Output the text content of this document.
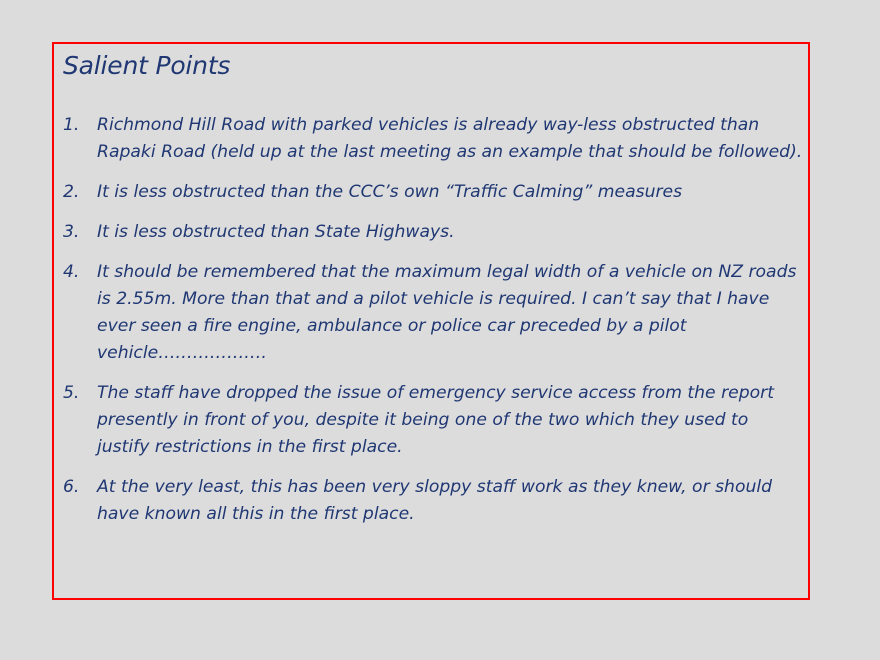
Salient Points
1. Richmond Hill Road with parked vehicles is already way-less obstructed than Rapaki Road (held up at the last meeting as an example that should be followed).
2. It is less obstructed than the CCC’s own “Traffic Calming” measures
3. It is less obstructed than State Highways.
4. It should be remembered that the maximum legal width of a vehicle on NZ roads is 2.55m. More than that and a pilot vehicle is required. I can’t say that I have ever seen a fire engine, ambulance or police car preceded by a pilot vehicle……………….
5. The staff have dropped the issue of emergency service access from the report presently in front of you, despite it being one of the two which they used to justify restrictions in the first place.
6. At the very least, this has been very sloppy staff work as they knew, or should have known all this in the first place.
